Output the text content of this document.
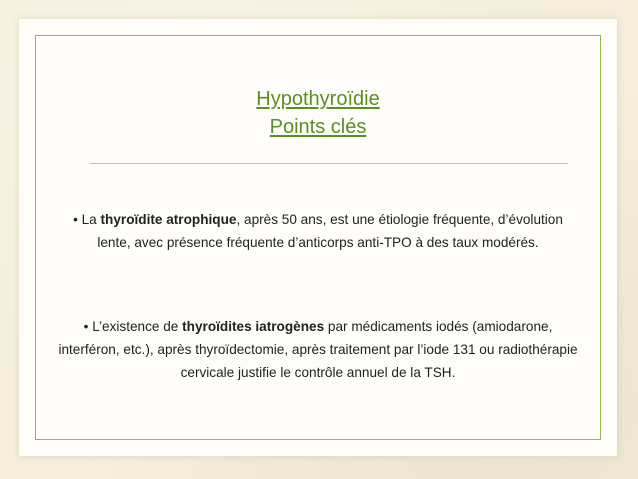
Hypothyroïdie
Points clés
• La thyroïdite atrophique, après 50 ans, est une étiologie fréquente, d’évolution lente, avec présence fréquente d’anticorps anti-TPO à des taux modérés.
• L’existence de thyroïdites iatrogènes par médicaments iodés (amiodarone, interféron, etc.), après thyroïdectomie, après traitement par l’iode 131 ou radiothérapie cervicale justifie le contrôle annuel de la TSH.
